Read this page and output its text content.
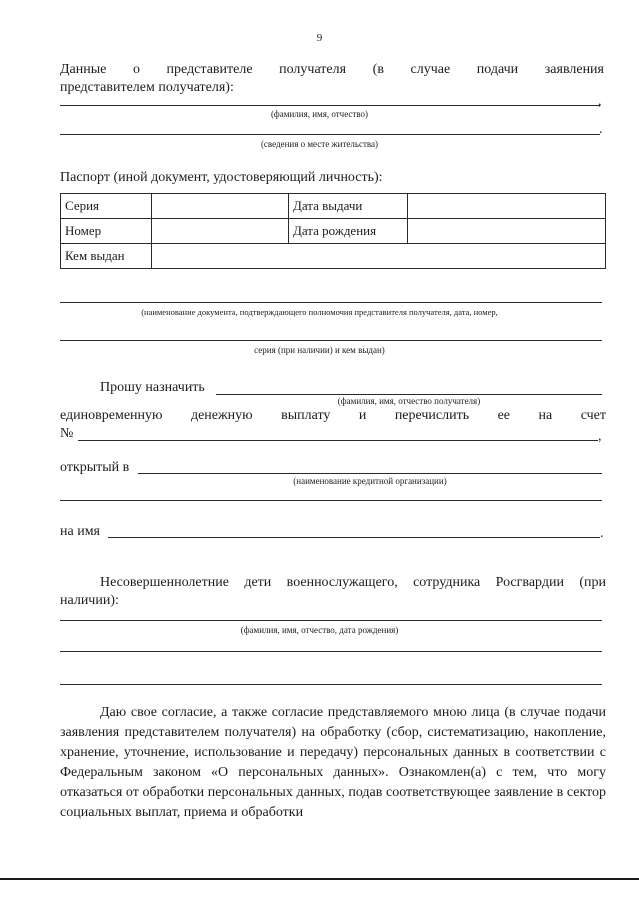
9
Данные о представителе получателя (в случае подачи заявления
представителем получателя):
,
(фамилия, имя, отчество)
.
(сведения о месте жительства)
Паспорт (иной документ, удостоверяющий личность):
Серия		Дата выдачи	
Номер		Дата рождения	
Кем выдан			
(наименование документа, подтверждающего полномочия представителя получателя, дата, номер,
серия (при наличии) и кем выдан)
Прошу назначить
(фамилия, имя, отчество получателя)
единовременную денежную выплату и перечислить ее на счет
№	,
открытый в
(наименование кредитной организации)
на имя	.
Несовершеннолетние дети военнослужащего, сотрудника Росгвардии (при
наличии):
(фамилия, имя, отчество, дата рождения)
Даю свое согласие, а также согласие представляемого мною лица (в случае подачи заявления представителем получателя) на обработку (сбор, систематизацию, накопление, хранение, уточнение, использование и передачу) персональных данных в соответствии с Федеральным законом «О персональных данных». Ознакомлен(а) с тем, что могу отказаться от обработки персональных данных, подав соответствующее заявление в сектор социальных выплат, приема и обработки
